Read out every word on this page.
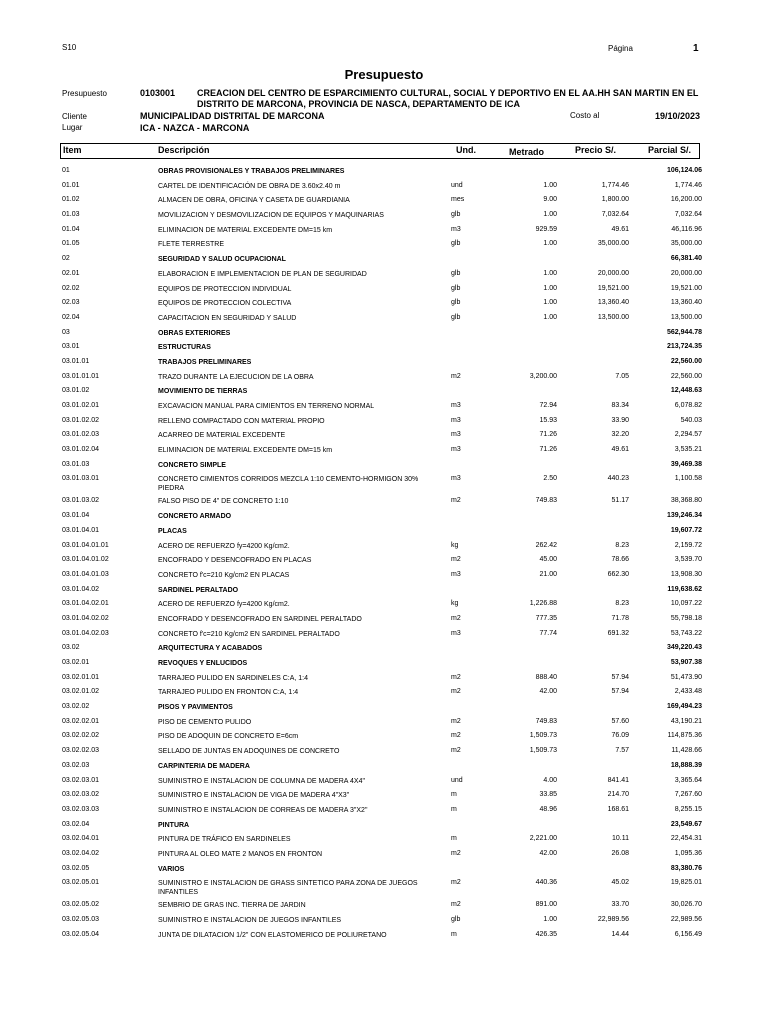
S10	Página	1
Presupuesto
Presupuesto	0103001 CREACION DEL CENTRO DE ESPARCIMIENTO CULTURAL, SOCIAL Y DEPORTIVO EN EL AA.HH SAN MARTIN EN EL DISTRITO DE MARCONA, PROVINCIA DE NASCA, DEPARTAMENTO DE ICA
Cliente	MUNICIPALIDAD DISTRITAL DE MARCONA	Costo al	19/10/2023
Lugar	ICA - NAZCA - MARCONA
Item	Descripción	Und.	Metrado	Precio S/.	Parcial S/.
01	OBRAS PROVISIONALES Y TRABAJOS PRELIMINARES	106,124.06
01.01	CARTEL DE IDENTIFICACIÓN DE OBRA DE 3.60x2.40 m	und	1.00	1,774.46	1,774.46
01.02	ALMACEN DE OBRA, OFICINA Y CASETA DE GUARDIANIA	mes	9.00	1,800.00	16,200.00
01.03	MOVILIZACION Y DESMOVILIZACION DE EQUIPOS Y MAQUINARIAS	glb	1.00	7,032.64	7,032.64
01.04	ELIMINACION DE MATERIAL EXCEDENTE DM=15 km	m3	929.59	49.61	46,116.96
01.05	FLETE TERRESTRE	glb	1.00	35,000.00	35,000.00
02	SEGURIDAD Y SALUD OCUPACIONAL	66,381.40
02.01	ELABORACION E IMPLEMENTACION DE PLAN DE SEGURIDAD	glb	1.00	20,000.00	20,000.00
02.02	EQUIPOS DE PROTECCION INDIVIDUAL	glb	1.00	19,521.00	19,521.00
02.03	EQUIPOS DE PROTECCION COLECTIVA	glb	1.00	13,360.40	13,360.40
02.04	CAPACITACION EN SEGURIDAD Y SALUD	glb	1.00	13,500.00	13,500.00
03	OBRAS EXTERIORES	562,944.78
03.01	ESTRUCTURAS	213,724.35
03.01.01	TRABAJOS PRELIMINARES	22,560.00
03.01.01.01	TRAZO DURANTE LA EJECUCION DE LA OBRA	m2	3,200.00	7.05	22,560.00
03.01.02	MOVIMIENTO DE TIERRAS	12,448.63
03.01.02.01	EXCAVACION MANUAL PARA CIMIENTOS EN TERRENO NORMAL	m3	72.94	83.34	6,078.82
03.01.02.02	RELLENO COMPACTADO CON MATERIAL PROPIO	m3	15.93	33.90	540.03
03.01.02.03	ACARREO DE MATERIAL EXCEDENTE	m3	71.26	32.20	2,294.57
03.01.02.04	ELIMINACION DE MATERIAL EXCEDENTE DM=15 km	m3	71.26	49.61	3,535.21
03.01.03	CONCRETO SIMPLE	39,469.38
03.01.03.01	CONCRETO CIMIENTOS CORRIDOS MEZCLA 1:10 CEMENTO-HORMIGON 30% PIEDRA
m3	2.50	440.23	1,100.58
03.01.03.02	FALSO PISO DE 4" DE CONCRETO 1:10	m2	749.83	51.17	38,368.80
03.01.04	CONCRETO ARMADO	139,246.34
03.01.04.01	PLACAS	19,607.72
03.01.04.01.01	ACERO DE REFUERZO fy=4200 Kg/cm2.	kg	262.42	8.23	2,159.72
03.01.04.01.02	ENCOFRADO Y DESENCOFRADO EN PLACAS	m2	45.00	78.66	3,539.70
03.01.04.01.03	CONCRETO f'c=210 Kg/cm2 EN PLACAS	m3	21.00	662.30	13,908.30
03.01.04.02	SARDINEL PERALTADO	119,638.62
03.01.04.02.01	ACERO DE REFUERZO fy=4200 Kg/cm2.	kg	1,226.88	8.23	10,097.22
03.01.04.02.02	ENCOFRADO Y DESENCOFRADO EN SARDINEL PERALTADO	m2	777.35	71.78	55,798.18
03.01.04.02.03	CONCRETO f'c=210 Kg/cm2 EN SARDINEL PERALTADO	m3	77.74	691.32	53,743.22
03.02	ARQUITECTURA Y ACABADOS	349,220.43
03.02.01	REVOQUES Y ENLUCIDOS	53,907.38
03.02.01.01	TARRAJEO PULIDO EN SARDINELES C:A, 1:4	m2	888.40	57.94	51,473.90
03.02.01.02	TARRAJEO PULIDO EN FRONTON C:A, 1:4	m2	42.00	57.94	2,433.48
03.02.02	PISOS Y PAVIMENTOS	169,494.23
03.02.02.01	PISO DE CEMENTO PULIDO	m2	749.83	57.60	43,190.21
03.02.02.02	PISO DE ADOQUIN DE CONCRETO E=6cm	m2	1,509.73	76.09	114,875.36
03.02.02.03	SELLADO DE JUNTAS EN ADOQUINES DE CONCRETO	m2	1,509.73	7.57	11,428.66
03.02.03	CARPINTERIA DE MADERA	18,888.39
03.02.03.01	SUMINISTRO E INSTALACION DE COLUMNA DE MADERA 4X4"	und	4.00	841.41	3,365.64
03.02.03.02	SUMINISTRO E INSTALACION DE VIGA DE MADERA 4"X3"	m	33.85	214.70	7,267.60
03.02.03.03	SUMINISTRO E INSTALACION DE CORREAS DE MADERA 3"X2"	m	48.96	168.61	8,255.15
03.02.04	PINTURA	23,549.67
03.02.04.01	PINTURA DE TRÁFICO EN SARDINELES	m	2,221.00	10.11	22,454.31
03.02.04.02	PINTURA AL OLEO MATE 2 MANOS EN FRONTON	m2	42.00	26.08	1,095.36
03.02.05	VARIOS	83,380.76
03.02.05.01	SUMINISTRO E INSTALACION DE GRASS SINTETICO PARA ZONA DE JUEGOS INFANTILES
m2	440.36	45.02	19,825.01
03.02.05.02	SEMBRIO DE GRAS INC. TIERRA DE JARDIN	m2	891.00	33.70	30,026.70
03.02.05.03	SUMINISTRO E INSTALACION DE JUEGOS INFANTILES	glb	1.00	22,989.56	22,989.56
03.02.05.04	JUNTA DE DILATACION 1/2" CON ELASTOMERICO DE POLIURETANO	m	426.35	14.44	6,156.49
